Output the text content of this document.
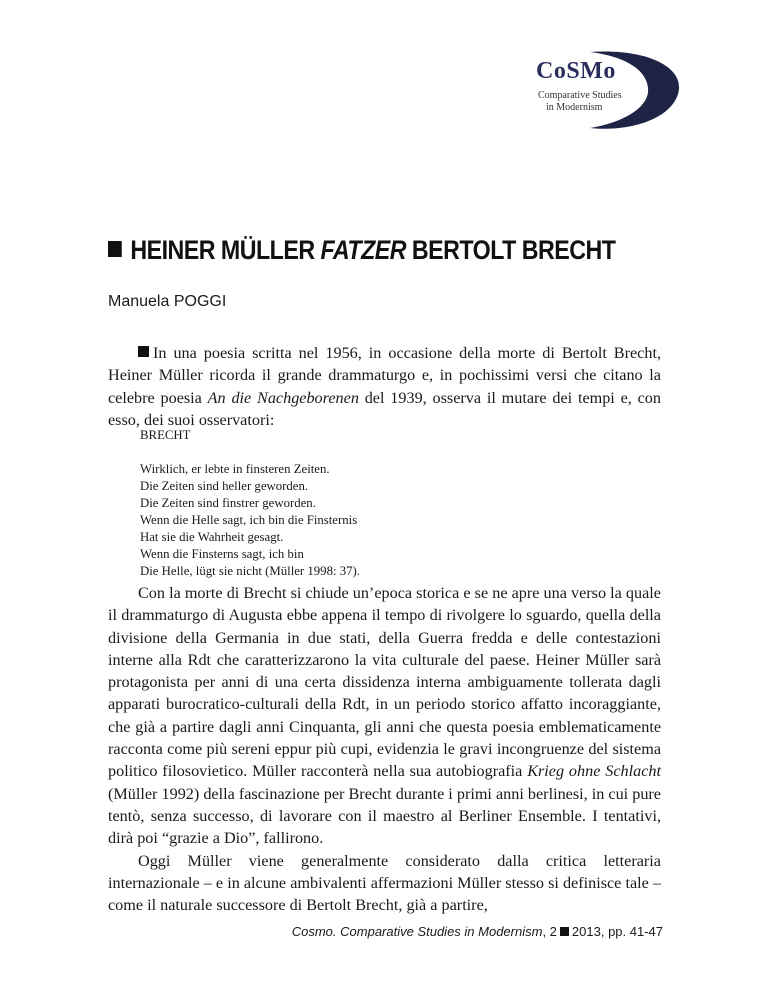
CoSMo
Comparative Studies
in Modernism
HEINER MÜLLER FATZER BERTOLT BRECHT
Manuela POGGI

In una poesia scritta nel 1956, in occasione della morte di Bertolt Brecht, Heiner Müller ricorda il grande drammaturgo e, in pochissimi versi che citano la celebre poesia An die Nachgeborenen del 1939, osserva il mutare dei tempi e, con esso, dei suoi osservatori:

BRECHT
Wirklich, er lebte in finsteren Zeiten.
Die Zeiten sind heller geworden.
Die Zeiten sind finstrer geworden.
Wenn die Helle sagt, ich bin die Finsternis
Hat sie die Wahrheit gesagt.
Wenn die Finsterns sagt, ich bin
Die Helle, lügt sie nicht (Müller 1998: 37).

Con la morte di Brecht si chiude un’epoca storica e se ne apre una verso la quale il drammaturgo di Augusta ebbe appena il tempo di rivolgere lo sguardo, quella della divisione della Germania in due stati, della Guerra fredda e delle contestazioni interne alla Rdt che caratterizzarono la vita culturale del paese. Heiner Müller sarà protagonista per anni di una certa dissidenza interna ambiguamente tollerata dagli apparati burocratico-culturali della Rdt, in un periodo storico affatto incoraggiante, che già a partire dagli anni Cinquanta, gli anni che questa poesia emblematicamente racconta come più sereni eppur più cupi, evidenzia le gravi incongruenze del sistema politico filosovietico. Müller racconterà nella sua autobiografia Krieg ohne Schlacht (Müller 1992) della fascinazione per Brecht durante i primi anni berlinesi, in cui pure tentò, senza successo, di lavorare con il maestro al Berliner Ensemble. I tentativi, dirà poi “grazie a Dio”, fallirono.

Oggi Müller viene generalmente considerato dalla critica letteraria internazionale – e in alcune ambivalenti affermazioni Müller stesso si definisce tale – come il naturale successore di Bertolt Brecht, già a partire,

Cosmo. Comparative Studies in Modernism, 2 2013, pp. 41-47
